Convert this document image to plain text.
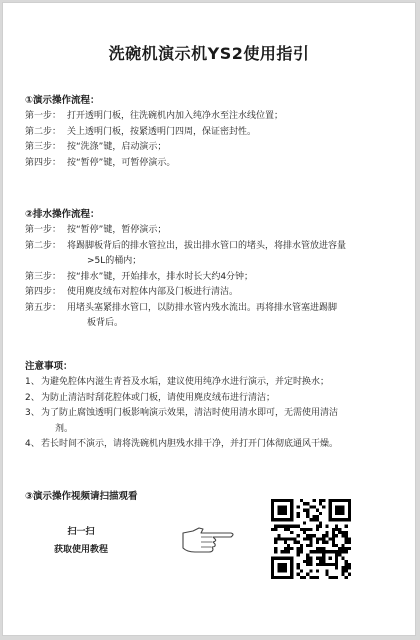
洗碗机演示机YS2使用指引
①演示操作流程：
第一步： 打开透明门板，往洗碗机内加入纯净水至注水线位置；
第二步： 关上透明门板，按紧透明门四周，保证密封性。
第三步： 按“洗涤”键，启动演示；
第四步： 按“暂停”键，可暂停演示。
②排水操作流程：
第一步： 按“暂停”键，暂停演示；
第二步： 将踢脚板背后的排水管拉出，拔出排水管口的堵头，将排水管放进容量
>5L的桶内；
第三步： 按“排水”键，开始排水，排水时长大约4分钟；
第四步： 使用麂皮绒布对腔体内部及门板进行清洁。
第五步： 用堵头塞紧排水管口，以防排水管内残水流出。再将排水管塞进踢脚
板背后。
注意事项：
1、 为避免腔体内滋生青苔及水垢，建议使用纯净水进行演示，并定时换水；
2、 为防止清洁时刮花腔体或门板，请使用麂皮绒布进行清洁；
3、 为了防止腐蚀透明门板影响演示效果，清洁时使用清水即可，无需使用清洁
剂。
4、 若长时间不演示，请将洗碗机内胆残水排干净，并打开门体彻底通风干燥。
③演示操作视频请扫描观看
扫一扫
获取使用教程
